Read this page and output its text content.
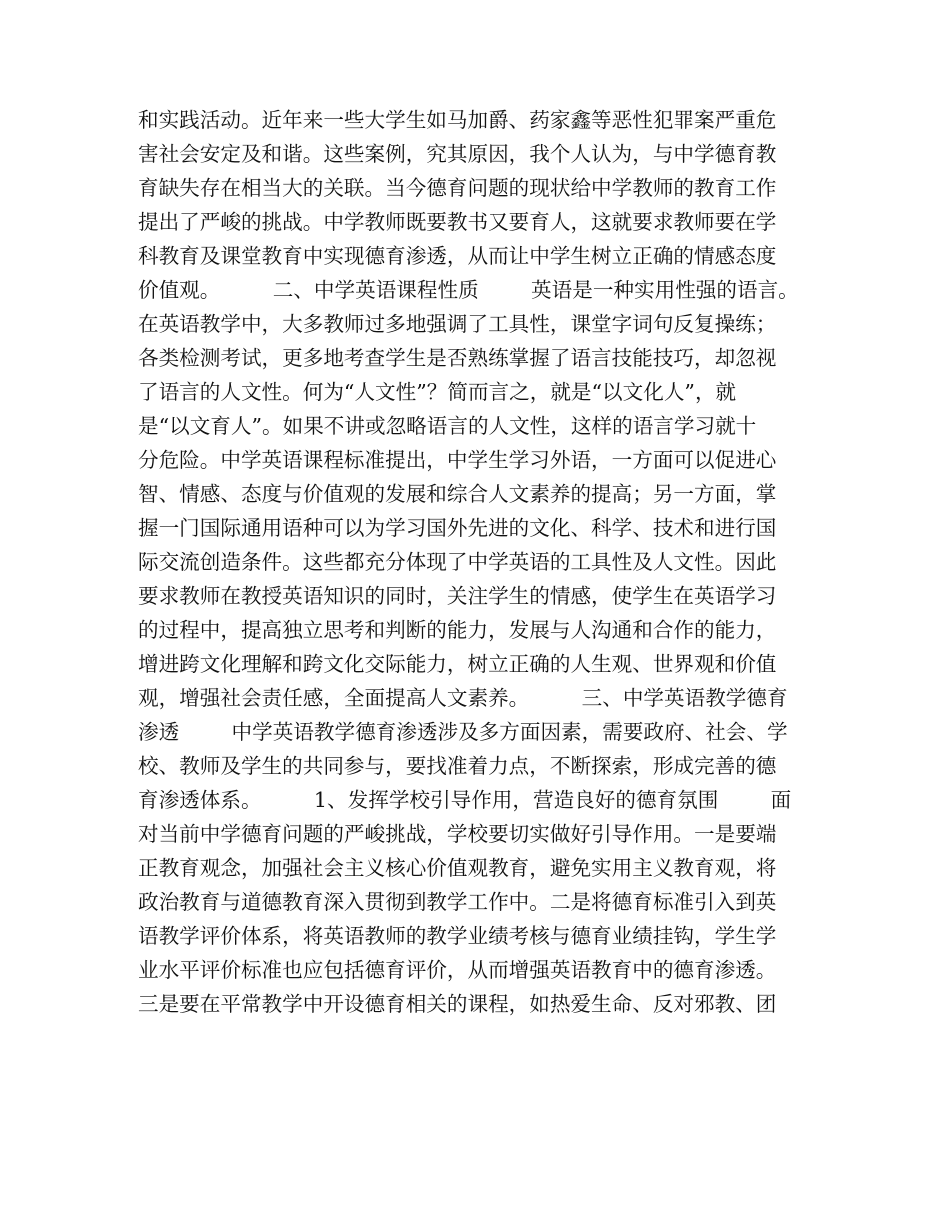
和实践活动。近年来一些大学生如马加爵、药家鑫等恶性犯罪案严重危
害社会安定及和谐。这些案例，究其原因，我个人认为，与中学德育教
育缺失存在相当大的关联。当今德育问题的现状给中学教师的教育工作
提出了严峻的挑战。中学教师既要教书又要育人，这就要求教师要在学
科教育及课堂教育中实现德育渗透，从而让中学生树立正确的情感态度
价值观。        二、中学英语课程性质        英语是一种实用性强的语言。
在英语教学中，大多教师过多地强调了工具性，课堂字词句反复操练；
各类检测考试，更多地考查学生是否熟练掌握了语言技能技巧，却忽视
了语言的人文性。何为“人文性”？简而言之，就是“以文化人”，就
是“以文育人”。如果不讲或忽略语言的人文性，这样的语言学习就十
分危险。中学英语课程标准提出，中学生学习外语，一方面可以促进心
智、情感、态度与价值观的发展和综合人文素养的提高；另一方面，掌
握一门国际通用语种可以为学习国外先进的文化、科学、技术和进行国
际交流创造条件。这些都充分体现了中学英语的工具性及人文性。因此
要求教师在教授英语知识的同时，关注学生的情感，使学生在英语学习
的过程中，提高独立思考和判断的能力，发展与人沟通和合作的能力，
增进跨文化理解和跨文化交际能力，树立正确的人生观、世界观和价值
观，增强社会责任感，全面提高人文素养。        三、中学英语教学德育
渗透        中学英语教学德育渗透涉及多方面因素，需要政府、社会、学
校、教师及学生的共同参与，要找准着力点，不断探索，形成完善的德
育渗透体系。        1、发挥学校引导作用，营造良好的德育氛围        面
对当前中学德育问题的严峻挑战，学校要切实做好引导作用。一是要端
正教育观念，加强社会主义核心价值观教育，避免实用主义教育观，将
政治教育与道德教育深入贯彻到教学工作中。二是将德育标准引入到英
语教学评价体系，将英语教师的教学业绩考核与德育业绩挂钩，学生学
业水平评价标准也应包括德育评价，从而增强英语教育中的德育渗透。
三是要在平常教学中开设德育相关的课程，如热爱生命、反对邪教、团
